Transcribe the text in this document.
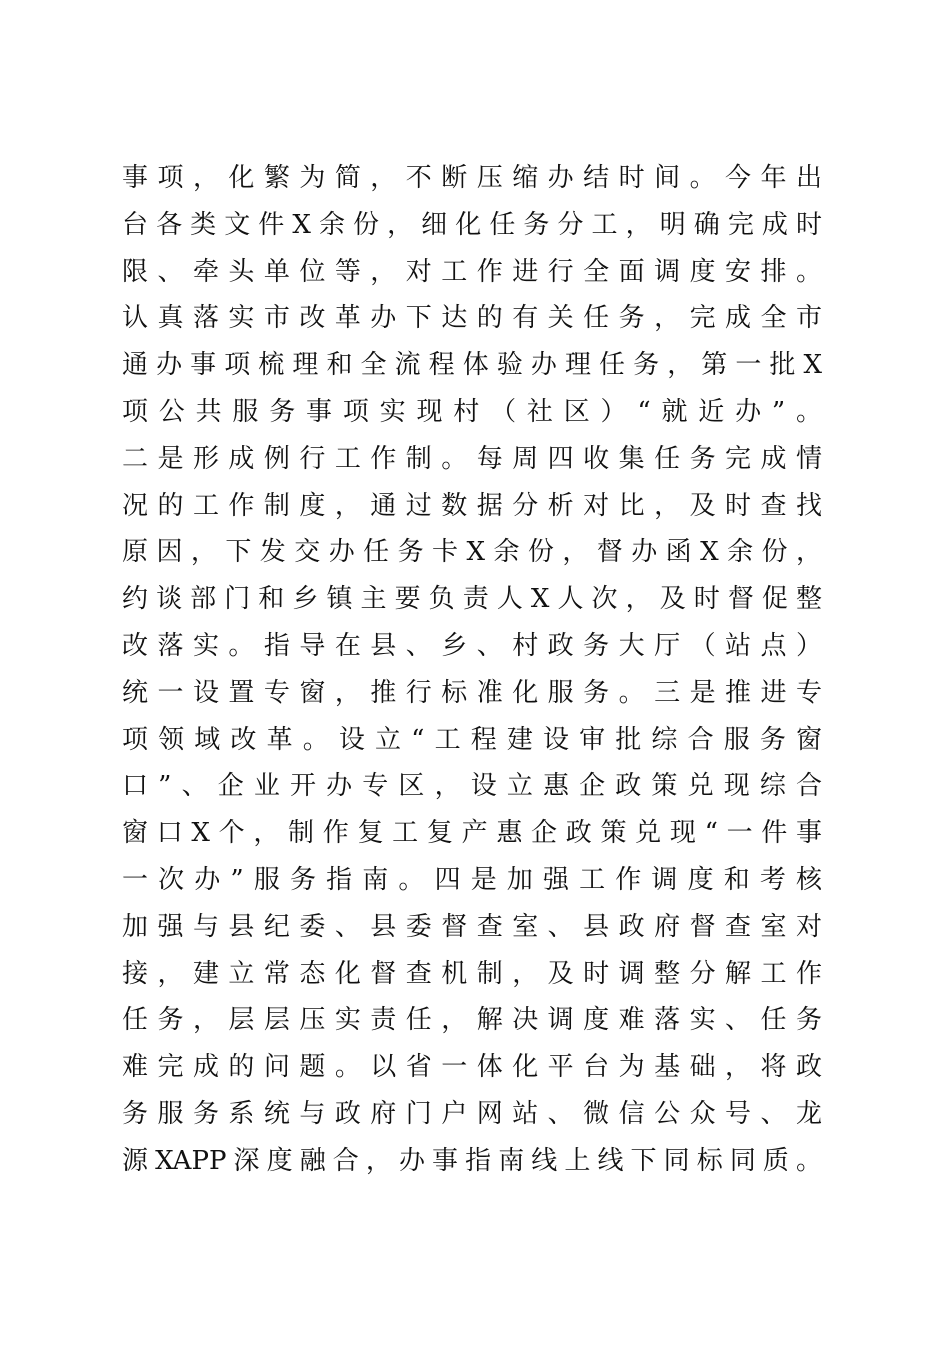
事项，化繁为简，不断压缩办结时间。今年出
台各类文件X余份，细化任务分工，明确完成时
限、牵头单位等，对工作进行全面调度安排。
认真落实市改革办下达的有关任务，完成全市
通办事项梳理和全流程体验办理任务，第一批X
项公共服务事项实现村（社区）“就近办”。
二是形成例行工作制。每周四收集任务完成情
况的工作制度，通过数据分析对比，及时查找
原因，下发交办任务卡X余份，督办函X余份，
约谈部门和乡镇主要负责人X人次，及时督促整
改落实。指导在县、乡、村政务大厅（站点）
统一设置专窗，推行标准化服务。三是推进专
项领域改革。设立“工程建设审批综合服务窗
口”、企业开办专区，设立惠企政策兑现综合
窗口X个，制作复工复产惠企政策兑现“一件事
一次办”服务指南。四是加强工作调度和考核
加强与县纪委、县委督查室、县政府督查室对
接，建立常态化督查机制，及时调整分解工作
任务，层层压实责任，解决调度难落实、任务
难完成的问题。以省一体化平台为基础，将政
务服务系统与政府门户网站、微信公众号、龙
源XAPP深度融合，办事指南线上线下同标同质。
